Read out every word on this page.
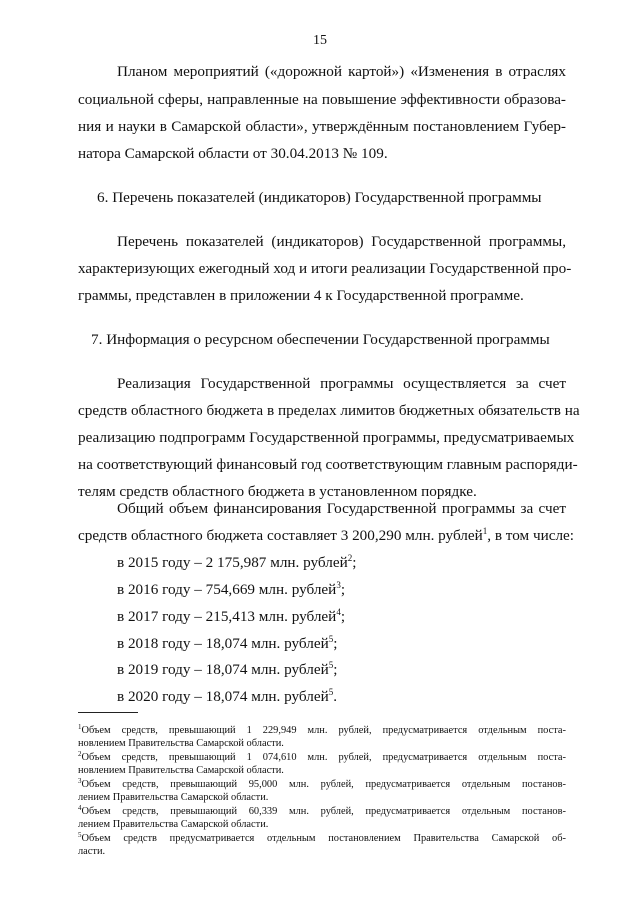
15
Планом мероприятий («дорожной картой») «Изменения в отраслях
социальной сферы, направленные на повышение эффективности образова-
ния и науки в Самарской области», утверждённым постановлением Губер-
натора Самарской области от 30.04.2013 № 109.
6. Перечень показателей (индикаторов) Государственной программы
Перечень показателей (индикаторов) Государственной программы,
характеризующих ежегодный ход и итоги реализации Государственной про-
граммы, представлен в приложении 4 к Государственной программе.
7. Информация о ресурсном обеспечении Государственной программы
Реализация Государственной программы осуществляется за счет
средств областного бюджета в пределах лимитов бюджетных обязательств на
реализацию подпрограмм Государственной программы, предусматриваемых
на соответствующий финансовый год соответствующим главным распоряди-
телям средств областного бюджета в установленном порядке.
Общий объем финансирования Государственной программы за счет
средств областного бюджета составляет 3 200,290 млн. рублей$^1$, в том числе:
в 2015 году – 2 175,987 млн. рублей$^2$;
в 2016 году – 754,669 млн. рублей$^3$;
в 2017 году – 215,413 млн. рублей$^4$;
в 2018 году – 18,074 млн. рублей$^5$;
в 2019 году – 18,074 млн. рублей$^5$;
в 2020 году – 18,074 млн. рублей$^5$.
$^1$Объем средств, превышающий 1 229,949 млн. рублей, предусматривается отдельным поста-
новлением Правительства Самарской области.
$^2$Объем средств, превышающий 1 074,610 млн. рублей, предусматривается отдельным поста-
новлением Правительства Самарской области.
$^3$Объем средств, превышающий 95,000 млн. рублей, предусматривается отдельным постанов-
лением Правительства Самарской области.
$^4$Объем средств, превышающий 60,339 млн. рублей, предусматривается отдельным постанов-
лением Правительства Самарской области.
$^5$Объем средств предусматривается отдельным постановлением Правительства Самарской об-
ласти.
